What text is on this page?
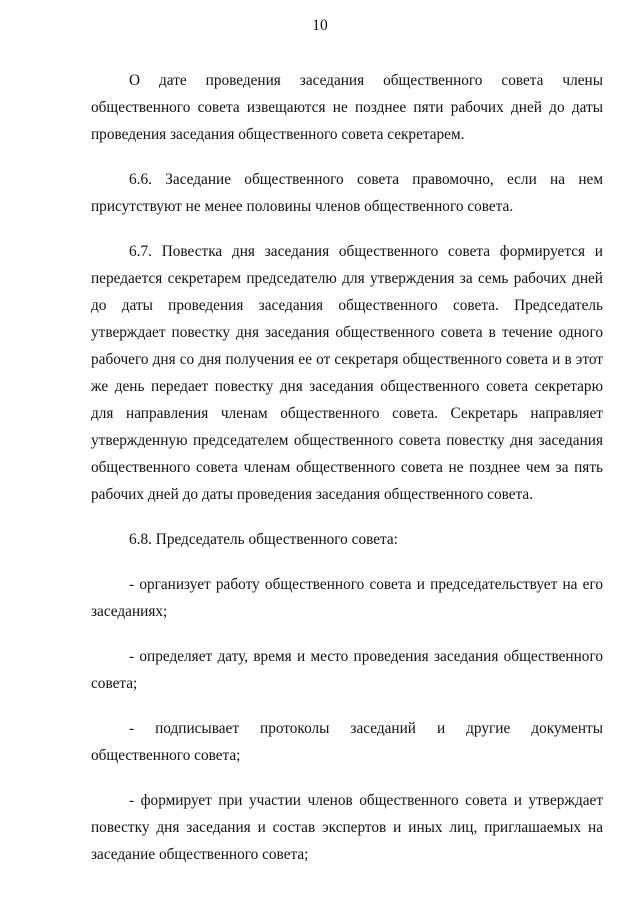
10

О дате проведения заседания общественного совета члены общественного совета извещаются не позднее пяти рабочих дней до даты проведения заседания общественного совета секретарем.

6.6. Заседание общественного совета правомочно, если на нем присутствуют не менее половины членов общественного совета.

6.7. Повестка дня заседания общественного совета формируется и передается секретарем председателю для утверждения за семь рабочих дней до даты проведения заседания общественного совета. Председатель утверждает повестку дня заседания общественного совета в течение одного рабочего дня со дня получения ее от секретаря общественного совета и в этот же день передает повестку дня заседания общественного совета секретарю для направления членам общественного совета. Секретарь направляет утвержденную председателем общественного совета повестку дня заседания общественного совета членам общественного совета не позднее чем за пять рабочих дней до даты проведения заседания общественного совета.

6.8. Председатель общественного совета:

- организует работу общественного совета и председательствует на его заседаниях;

- определяет дату, время и место проведения заседания общественного совета;

- подписывает протоколы заседаний и другие документы общественного совета;

- формирует при участии членов общественного совета и утверждает повестку дня заседания и состав экспертов и иных лиц, приглашаемых на заседание общественного совета;
